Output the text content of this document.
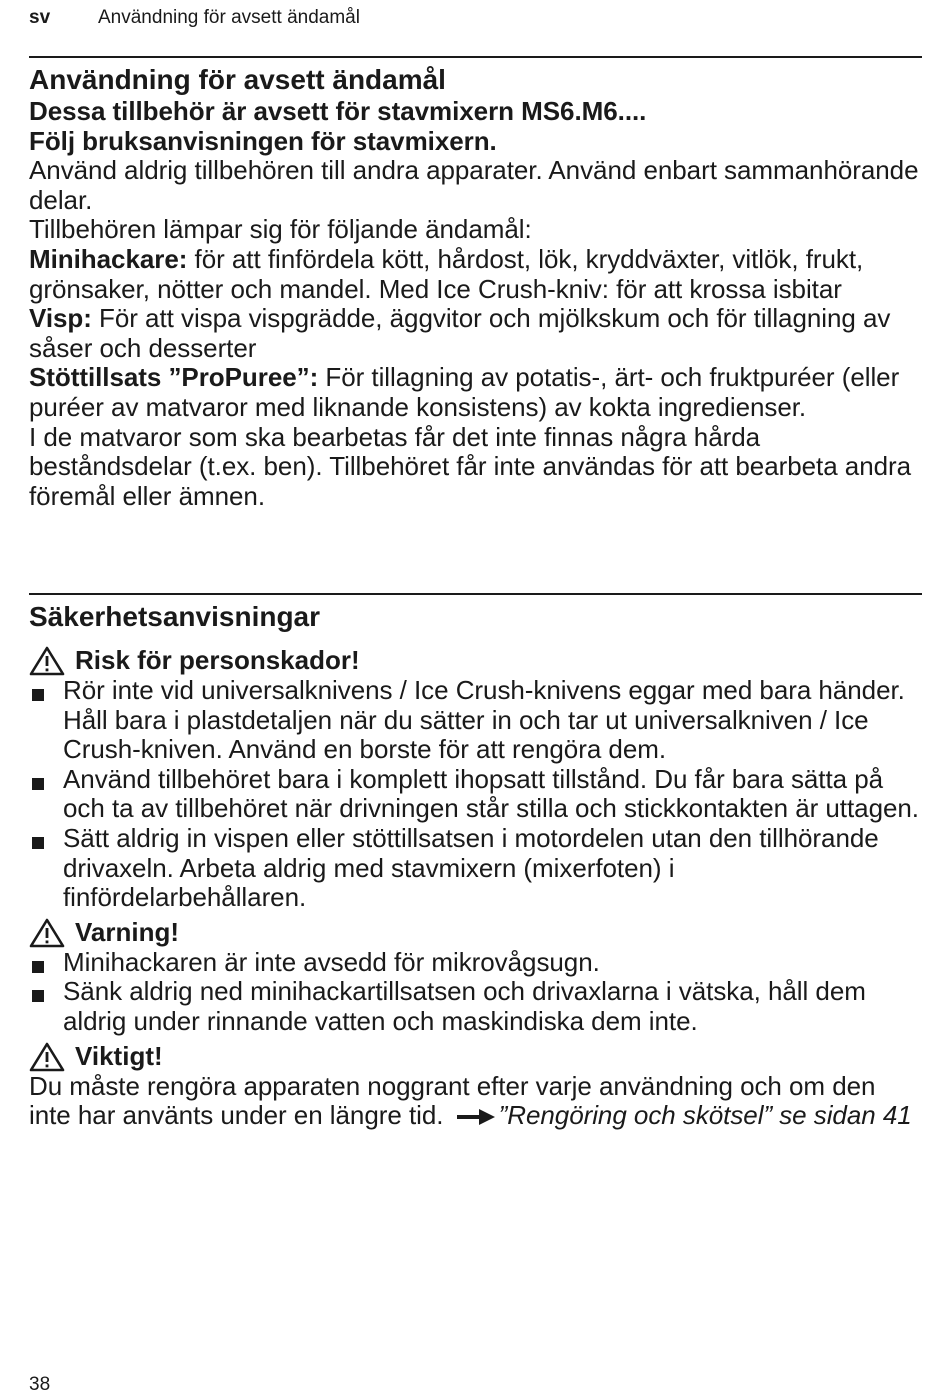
sv	Användning för avsett ändamål
Användning för avsett ändamål

Dessa tillbehör är avsett för stavmixern MS6.M6....

Följ bruksanvisningen för stavmixern.

Använd aldrig tillbehören till andra apparater. Använd enbart sammanhörande delar.

Tillbehören lämpar sig för följande ändamål:

Minihackare: för att finfördela kött, hårdost, lök, kryddväxter, vitlök, frukt, grönsaker, nötter och mandel. Med Ice Crush-kniv: för att krossa isbitar

Visp: För att vispa vispgrädde, äggvitor och mjölkskum och för tillagning av såser och desserter

Stöttillsats ”ProPuree”: För tillagning av potatis-, ärt- och fruktpuréer (eller puréer av matvaror med liknande konsistens) av kokta ingredienser.

I de matvaror som ska bearbetas får det inte finnas några hårda beståndsdelar (t.ex. ben). Tillbehöret får inte användas för att bearbeta andra föremål eller ämnen.

Säkerhetsanvisningar
Risk för personskador!
Rör inte vid universalknivens / Ice Crush-knivens eggar med bara händer. Håll bara i plastdetaljen när du sätter in och tar ut universalkniven / Ice Crush-kniven. Använd en borste för att rengöra dem.
Använd tillbehöret bara i komplett ihopsatt tillstånd. Du får bara sätta på och ta av tillbehöret när drivningen står stilla och stickkontakten är uttagen.
Sätt aldrig in vispen eller stöttillsatsen i motordelen utan den tillhörande drivaxeln. Arbeta aldrig med stavmixern (mixerfoten) i finfördelarbehållaren.
Varning!
Minihackaren är inte avsedd för mikrovågsugn.
Sänk aldrig ned minihackartillsatsen och drivaxlarna i vätska, håll dem aldrig under rinnande vatten och maskindiska dem inte.
Viktigt!
Du måste rengöra apparaten noggrant efter varje användning och om den inte har använts under en längre tid. ”Rengöring och skötsel” se sidan 41
38
